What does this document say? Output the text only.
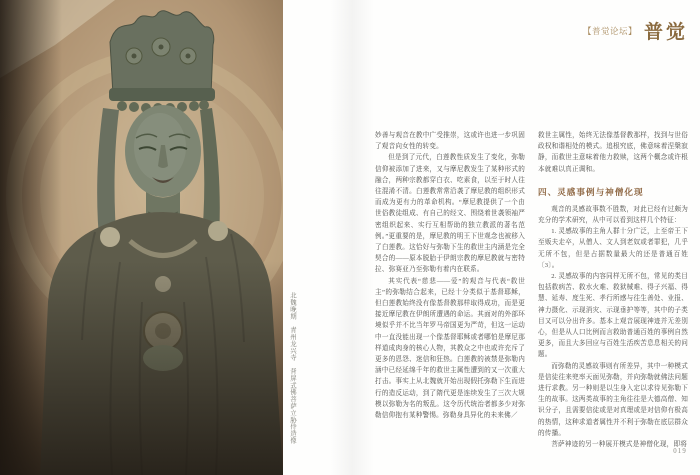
北魏晚期　青州龙兴寺　背屏式佛菩萨立胁侍造像
【普觉论坛】 普觉

妙善与观音在教中广受推崇，这或许也进一步巩固了观音向女性的转变。

但是到了元代，白莲教性质发生了变化，弥勒信仰被添加了进来，又与摩尼教发生了某种形式的融合，两种宗教都穿白衣、吃素食，以至于时人往往混淆不清。白莲教常常沿袭了摩尼教的组织形式而成为更有力的革命机构。“摩尼教提供了一个由世俗教徒组成、有自己的经文、围绕着世袭领袖严密组织起来、实行互相帮助的独立教派的著名范例。”更重要的是，摩尼教的明王下世观念也被移入了白莲教。这恰好与弥勒下生的救世主内涵是完全契合的——原本脱胎于伊朗宗教的摩尼教就与密特拉、弥赛亚乃至弥勒有着内在联系。

其实代表“慈悲——爱”的观音与代表“救世主”的弥勒结合起来，已经十分类似于基督耶稣，但白莲教始终没有像基督教那样取得成功，而是更接近摩尼教在伊朗所遭遇的命运。其面对的外部环境似乎并不比当年罗马帝国更为严苛，但这一运动中一直没能出现一个像基督耶稣或者哪怕是摩尼那样道成肉身的核心人物，其教众之中也或许充斥了更多的恩怨、迷信和狂热。白莲教的被禁是弥勒内涵中已经延绵千年的救世主属性遭到的又一次重大打击。事实上从北魏就开始出现假托弥勒下生而进行的造反运动，到了隋代更是连续发生了三次大规模以弥勒为名的叛乱。这令历代统治者都多少对弥勒信仰抱有某种警惕。弥勒身具异化的未来佛／

救世主属性，始终无法像基督教那样，找到与世俗政权和谐相处的模式。追根究底，佛意味着涅槃寂静，而救世主意味着他力救赎，这两个概念或许根本就难以真正调和。

四、灵感事例与神僧化现

观音的灵感故事数不胜数，对此已经有过颇为充分的学术研究，从中可以看到这样几个特征：

1. 灵感故事的主角人群十分广泛，上至帝王下至贩夫走卒，从僧人、文人到老奴或者罪犯，几乎无所不包，但是占据数量最大的还是普通百姓〔3〕。

2. 灵感故事的内容同样无所不包，常见的类目包括救病苦、救水火难、救狱械难、得子兴福、得慧、延寿、度生死、孝行所感与往生善处、业报、神力摄化、示现消灾、示现垂护等等，其中的子类目又可以分出许多。基本上观音展现神迹并无差别心，但是从人口比例而言救助普通百姓的事例自然更多，而且大多回应与百姓生活疾苦息息相关的问题。

而弥勒的灵感故事则有所差异，其中一种模式是信徒往来兜率天面见弥勒，并向弥勒就佛法问题进行求教。另一种则是以生身入定以求待见弥勒下生的故事。这两类故事的主角往往是大德高僧、知识分子，且需要信徒或是对真理或是对信仰有极高的热情，这种求道者属性并不利于弥勒在底层群众的传播。

菩萨神迹的另一种展开模式是神僧化现，即将

019
